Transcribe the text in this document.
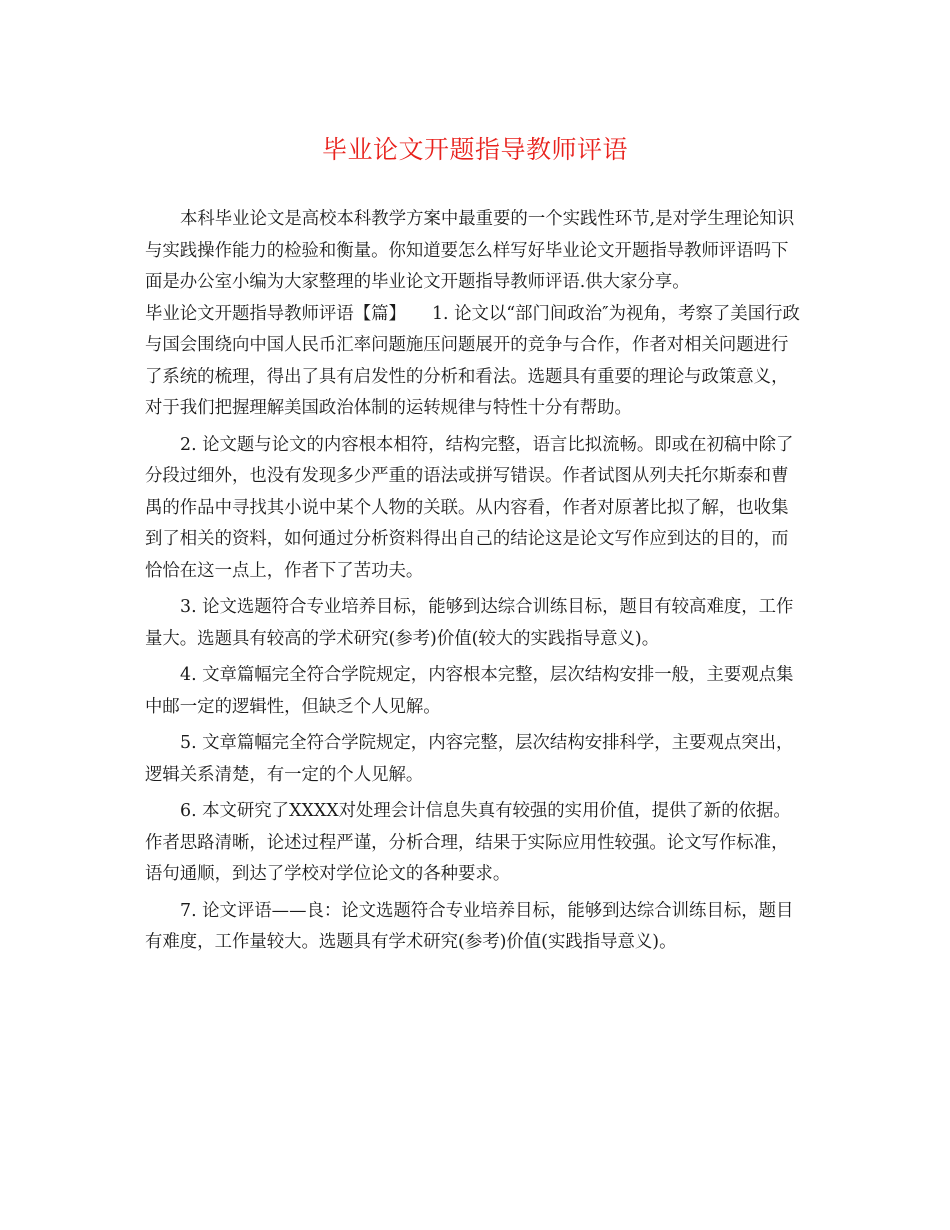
毕业论文开题指导教师评语

本科毕业论文是高校本科教学方案中最重要的一个实践性环节,是对学生理论知识与实践操作能力的检验和衡量。你知道要怎么样写好毕业论文开题指导教师评语吗下面是办公室小编为大家整理的毕业论文开题指导教师评语.供大家分享。

毕业论文开题指导教师评语【篇】　　1. 论文以“部门间政治″为视角，考察了美国行政与国会围绕向中国人民币汇率问题施压问题展开的竞争与合作，作者对相关问题进行了系统的梳理，得出了具有启发性的分析和看法。选题具有重要的理论与政策意义，对于我们把握理解美国政治体制的运转规律与特性十分有帮助。

2. 论文题与论文的内容根本相符，结构完整，语言比拟流畅。即或在初稿中除了分段过细外，也没有发现多少严重的语法或拼写错误。作者试图从列夫托尔斯泰和曹禺的作品中寻找其小说中某个人物的关联。从内容看，作者对原著比拟了解，也收集到了相关的资料，如何通过分析资料得出自己的结论这是论文写作应到达的目的，而恰恰在这一点上，作者下了苦功夫。

3. 论文选题符合专业培养目标，能够到达综合训练目标，题目有较高难度，工作量大。选题具有较高的学术研究(参考)价值(较大的实践指导意义)。

4. 文章篇幅完全符合学院规定，内容根本完整，层次结构安排一般，主要观点集中邮一定的逻辑性，但缺乏个人见解。

5. 文章篇幅完全符合学院规定，内容完整，层次结构安排科学，主要观点突出，逻辑关系清楚，有一定的个人见解。

6. 本文研究了XXXX对处理会计信息失真有较强的实用价值，提供了新的依据。作者思路清晰，论述过程严谨，分析合理，结果于实际应用性较强。论文写作标准，语句通顺，到达了学校对学位论文的各种要求。

7. 论文评语——良：论文选题符合专业培养目标，能够到达综合训练目标，题目有难度，工作量较大。选题具有学术研究(参考)价值(实践指导意义)。
